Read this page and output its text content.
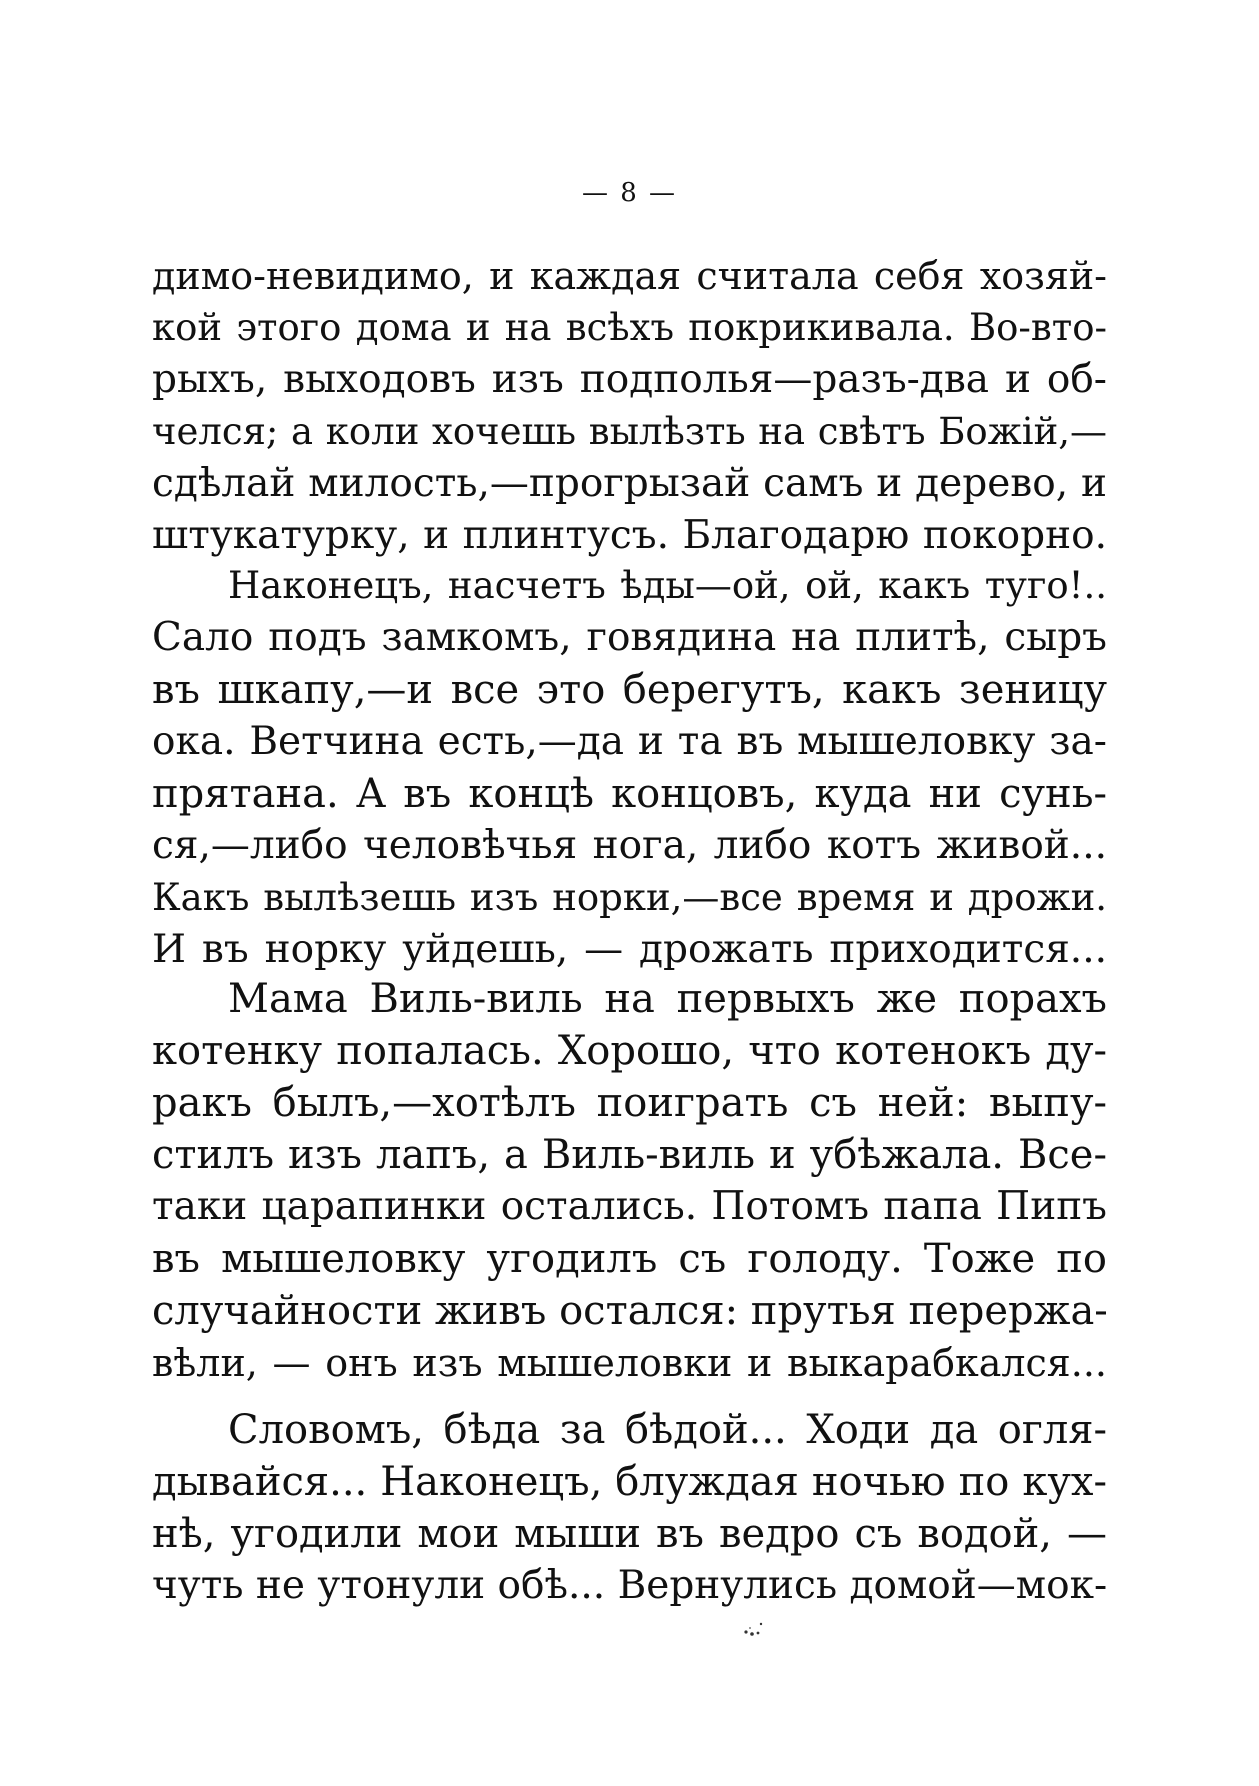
— 8 —
димо-невидимо, и каждая считала себя хозяй-
кой этого дома и на всѣхъ покрикивала. Во-вто-
рыхъ, выходовъ изъ подполья—разъ-два и об-
челся; а коли хочешь вылѣзть на свѣтъ Божій,—
сдѣлай милость,—прогрызай самъ и дерево, и
штукатурку, и плинтусъ. Благодарю покорно.
Наконецъ, насчетъ ѣды—ой, ой, какъ туго!..
Сало подъ замкомъ, говядина на плитѣ, сыръ
въ шкапу,—и все это берегутъ, какъ зеницу
ока. Ветчина есть,—да и та въ мышеловку за-
прятана. А въ концѣ концовъ, куда ни сунь-
ся,—либо человѣчья нога, либо котъ живой...
Какъ вылѣзешь изъ норки,—все время и дрожи.
И въ норку уйдешь, — дрожать приходится...
Мама Виль-виль на первыхъ же порахъ
котенку попалась. Хорошо, что котенокъ ду-
ракъ былъ,—хотѣлъ поиграть съ ней: выпу-
стилъ изъ лапъ, а Виль-виль и убѣжала. Все-
таки царапинки остались. Потомъ папа Пипъ
въ мышеловку угодилъ съ голоду. Тоже по
случайности живъ остался: прутья перержа-
вѣли, — онъ изъ мышеловки и выкарабкался...
Словомъ, бѣда за бѣдой... Ходи да огля-
дывайся... Наконецъ, блуждая ночью по кух-
нѣ, угодили мои мыши въ ведро съ водой, —
чуть не утонули обѣ... Вернулись домой—мок-
